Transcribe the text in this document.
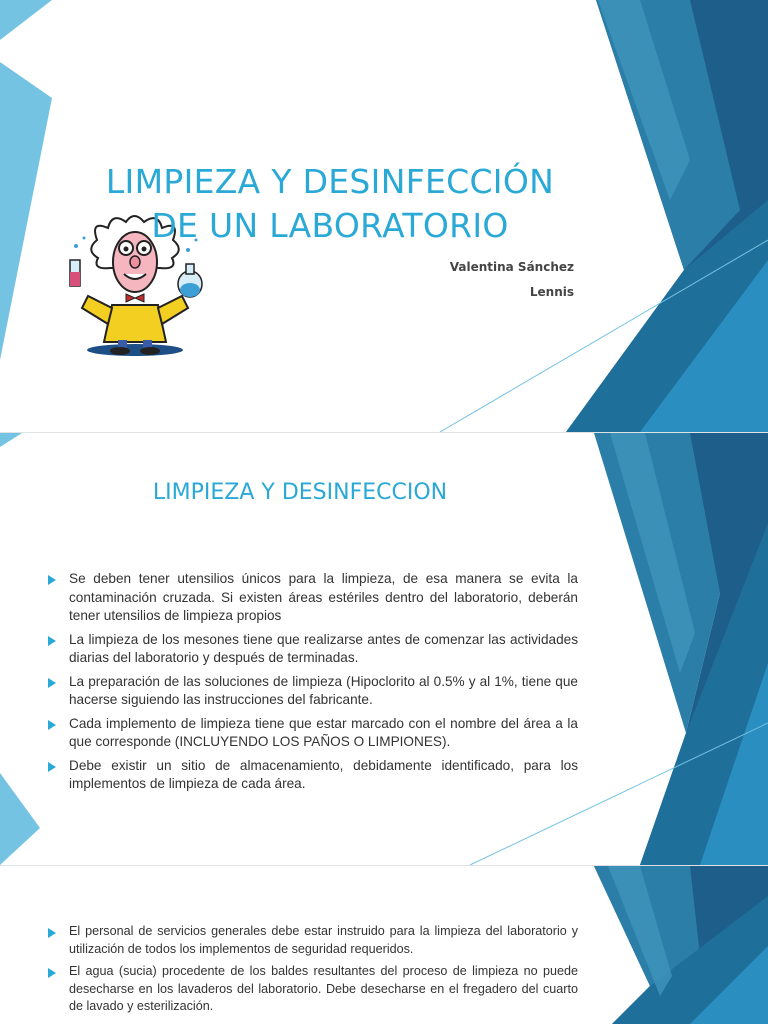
LIMPIEZA Y DESINFECCIÓN
DE UN LABORATORIO

Valentina Sánchez

Lennis

LIMPIEZA Y DESINFECCION
Se deben tener utensilios únicos para la limpieza, de esa manera se evita la contaminación cruzada. Si existen áreas estériles dentro del laboratorio, deberán tener utensilios de limpieza propios
La limpieza de los mesones tiene que realizarse antes de comenzar las actividades diarias del laboratorio y después de terminadas.
La preparación de las soluciones de limpieza (Hipoclorito al 0.5% y al 1%, tiene que hacerse siguiendo las instrucciones del fabricante.
Cada implemento de limpieza tiene que estar marcado con el nombre del área a la que corresponde (INCLUYENDO LOS PAÑOS O LIMPIONES).
Debe existir un sitio de almacenamiento, debidamente identificado, para los implementos de limpieza de cada área.
El personal de servicios generales debe estar instruido para la limpieza del laboratorio y utilización de todos los implementos de seguridad requeridos.
El agua (sucia) procedente de los baldes resultantes del proceso de limpieza no puede desecharse en los lavaderos del laboratorio. Debe desecharse en el fregadero del cuarto de lavado y esterilización.
